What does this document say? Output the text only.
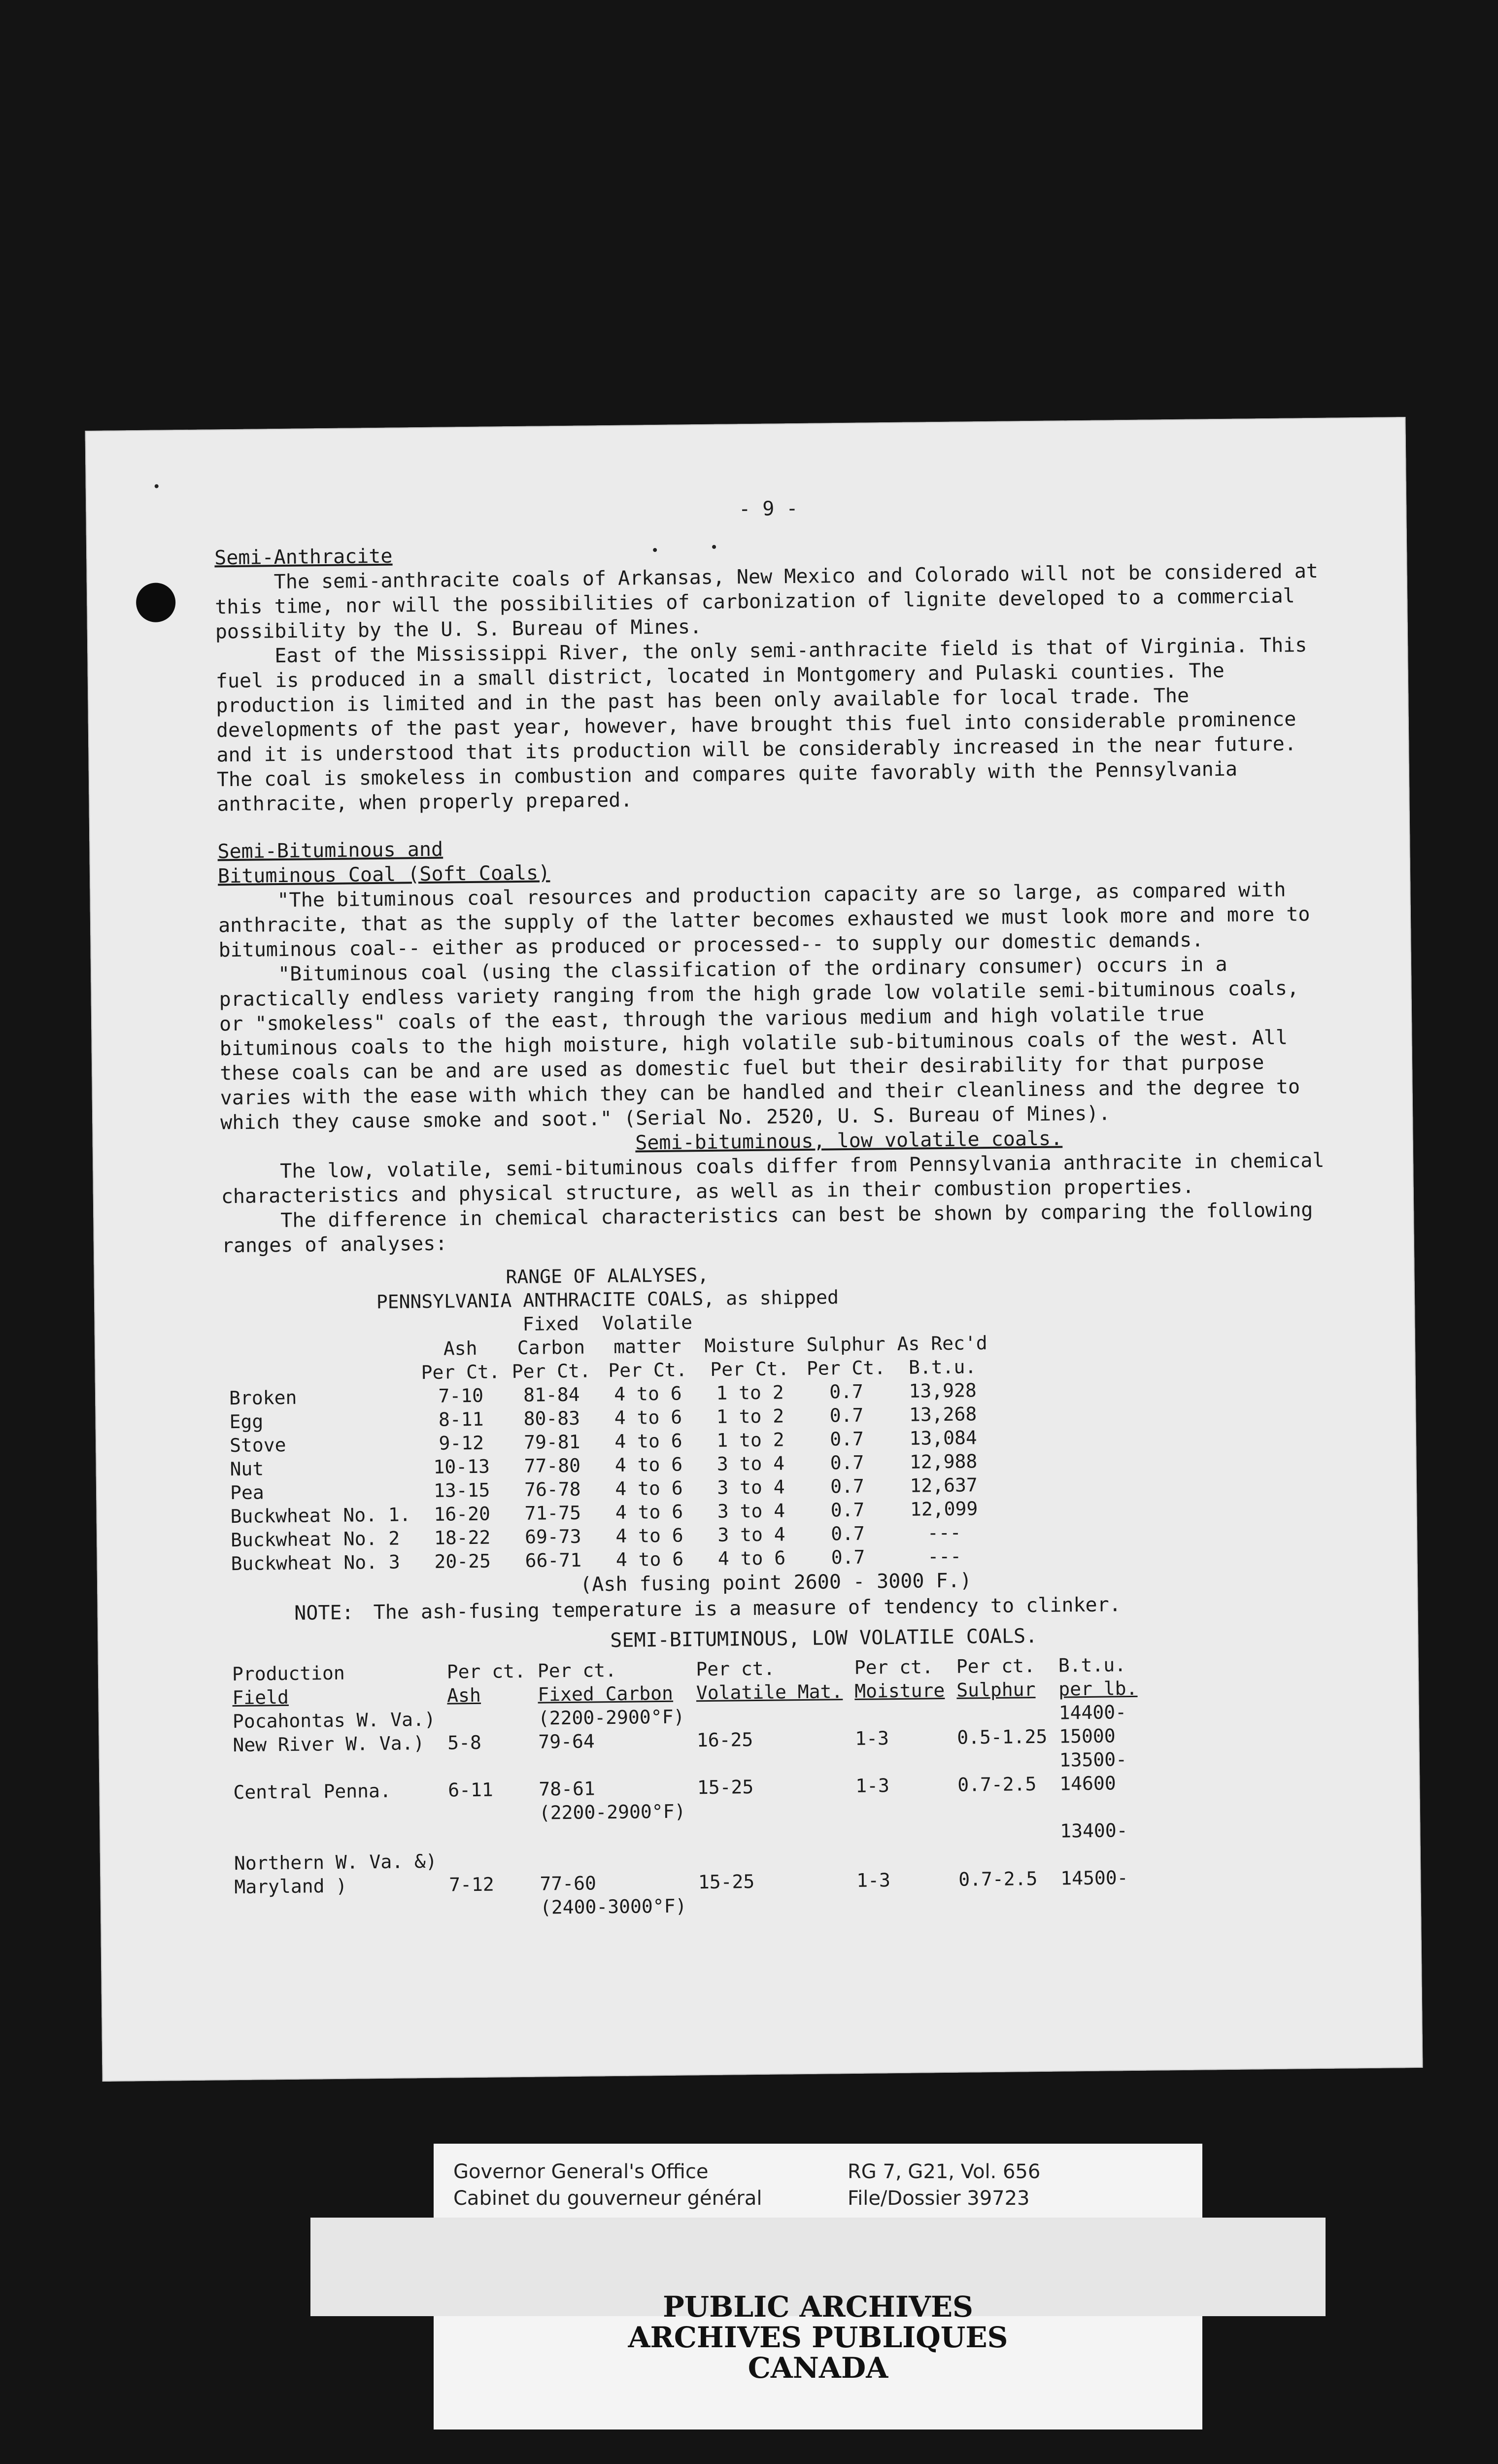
- 9 -
Semi-Anthracite

The semi-anthracite coals of Arkansas, New Mexico and Colorado will not be considered at this time, nor will the possibilities of carbonization of lignite developed to a commercial possibility by the U. S. Bureau of Mines.

East of the Mississippi River, the only semi-anthracite field is that of Virginia. This fuel is produced in a small district, located in Montgomery and Pulaski counties. The production is limited and in the past has been only available for local trade. The developments of the past year, however, have brought this fuel into considerable prominence and it is understood that its production will be considerably increased in the near future. The coal is smokeless in combustion and compares quite favorably with the Pennsylvania anthracite, when properly prepared.

Semi-Bituminous and
Bituminous Coal (Soft Coals)

"The bituminous coal resources and production capacity are so large, as compared with anthracite, that as the supply of the latter becomes exhausted we must look more and more to bituminous coal-- either as produced or processed-- to supply our domestic demands.

"Bituminous coal (using the classification of the ordinary consumer) occurs in a practically endless variety ranging from the high grade low volatile semi-bituminous coals, or "smokeless" coals of the east, through the various medium and high volatile true bituminous coals to the high moisture, high volatile sub-bituminous coals of the west. All these coals can be and are used as domestic fuel but their desirability for that purpose varies with the ease with which they can be handled and their cleanliness and the degree to which they cause smoke and soot." (Serial No. 2520, U. S. Bureau of Mines).

Semi-bituminous, low volatile coals.

The low, volatile, semi-bituminous coals differ from Pennsylvania anthracite in chemical characteristics and physical structure, as well as in their combustion properties.

The difference in chemical characteristics can best be shown by comparing the following ranges of analyses:

RANGE OF ALALYSES,						
PENNSYLVANIA ANTHRACITE COALS, as shipped						
		Fixed	Volatile			
	Ash	Carbon	matter	Moisture	Sulphur	As Rec'd
	Per Ct.	Per Ct.	Per Ct.	Per Ct.	Per Ct.	B.t.u.
Broken	7-10	81-84	4 to 6	1 to 2	0.7	13,928
Egg	8-11	80-83	4 to 6	1 to 2	0.7	13,268
Stove	9-12	79-81	4 to 6	1 to 2	0.7	13,084
Nut	10-13	77-80	4 to 6	3 to 4	0.7	12,988
Pea	13-15	76-78	4 to 6	3 to 4	0.7	12,637
Buckwheat No. 1.	16-20	71-75	4 to 6	3 to 4	0.7	12,099
Buckwheat No. 2	18-22	69-73	4 to 6	3 to 4	0.7	---
Buckwheat No. 3	20-25	66-71	4 to 6	4 to 6	0.7	---
(Ash fusing point 2600 - 3000 F.)
NOTE: The ash-fusing temperature is a measure of tendency to clinker.
SEMI-BITUMINOUS, LOW VOLATILE COALS.
Production	Per ct.	Per ct.	Per ct.	Per ct.	Per ct.	B.t.u.
Field	Ash	Fixed Carbon	Volatile Mat.	Moisture	Sulphur	per lb.
Pocahontas W. Va.)		(2200-2900°F)				14400-
New River W. Va.)	5-8	79-64	16-25	1-3	0.5-1.25	15000
						13500-
Central Penna.	6-11	78-61	15-25	1-3	0.7-2.5	14600
		(2200-2900°F)				
						13400-
Northern W. Va. &)						
Maryland )	7-12	77-60	15-25	1-3	0.7-2.5	14500-
		(2400-3000°F)				
Governor General's Office
Cabinet du gouverneur général
RG 7, G21, Vol. 656
File/Dossier 39723
PUBLIC ARCHIVES
ARCHIVES PUBLIQUES
CANADA
